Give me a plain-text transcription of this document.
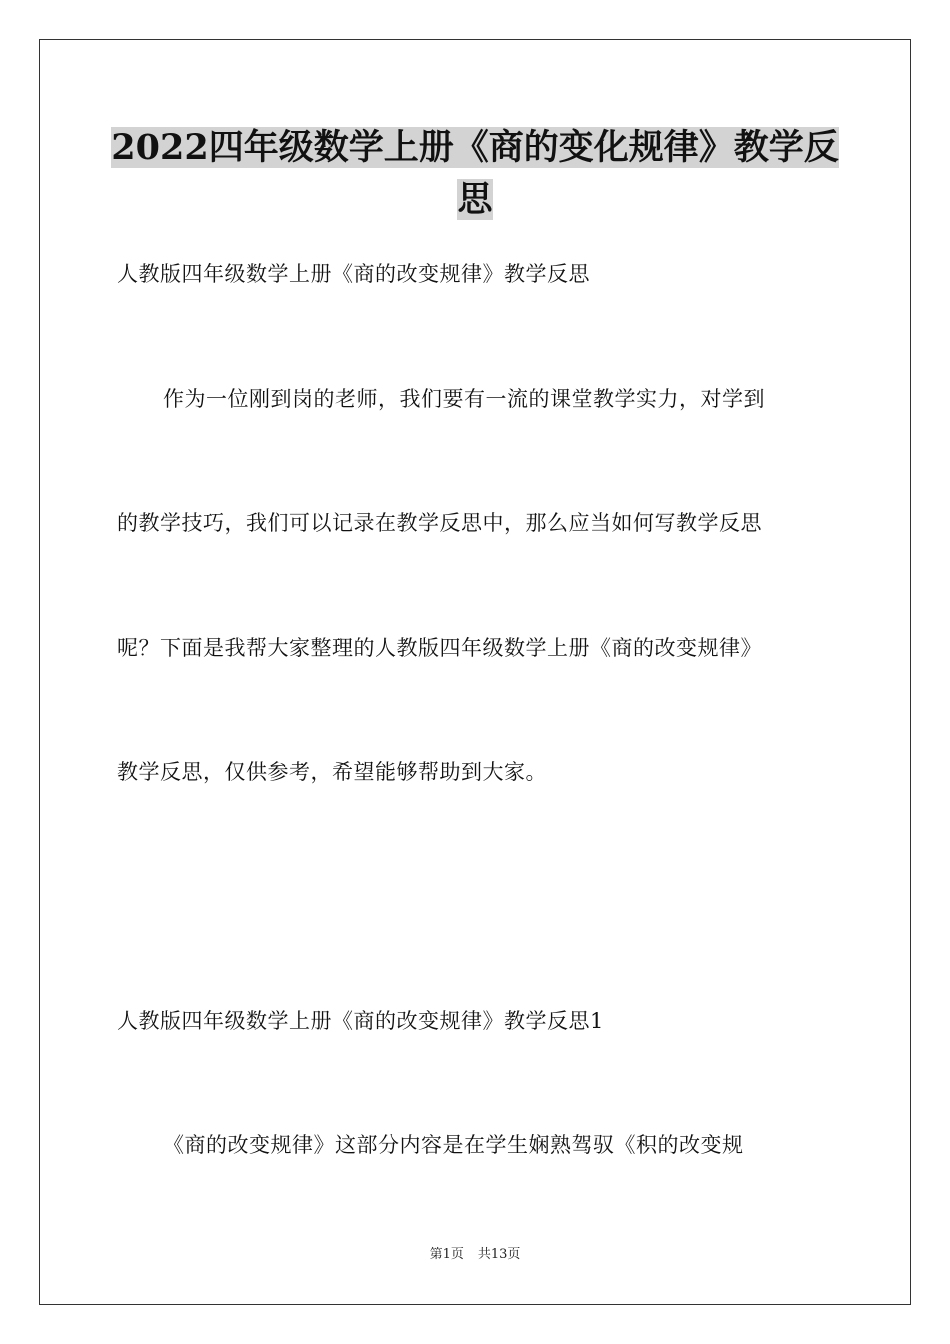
2022四年级数学上册《商的变化规律》教学反
思

人教版四年级数学上册《商的改变规律》教学反思

作为一位刚到岗的老师，我们要有一流的课堂教学实力，对学到

的教学技巧，我们可以记录在教学反思中，那么应当如何写教学反思

呢？下面是我帮大家整理的人教版四年级数学上册《商的改变规律》

教学反思，仅供参考，希望能够帮助到大家。

人教版四年级数学上册《商的改变规律》教学反思1

《商的改变规律》这部分内容是在学生娴熟驾驭《积的改变规

第1页 共13页
